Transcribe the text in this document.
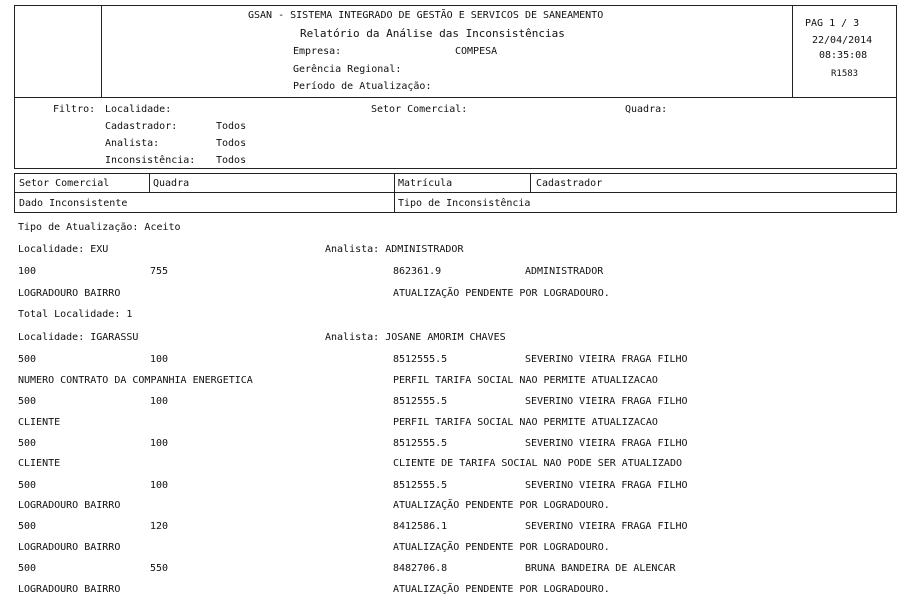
GSAN - SISTEMA INTEGRADO DE GESTÃO E SERVICOS DE SANEAMENTO
Relatório da Análise das Inconsistências
Empresa:	COMPESA
Gerência Regional:
Período de Atualização:
PAG 1 / 3
22/04/2014
08:35:08
R1583
Filtro: Localidade:	Setor Comercial:	Quadra:
Cadastrador:	Todos
Analista:	Todos
Inconsistência: Todos
Setor Comercial	Quadra	Matrícula	Cadastrador
Dado Inconsistente	Tipo de Inconsistência
Tipo de Atualização: Aceito
Localidade: EXU	Analista: ADMINISTRADOR
100	755	862361.9	ADMINISTRADOR
LOGRADOURO BAIRRO	ATUALIZAÇÃO PENDENTE POR LOGRADOURO.
Total Localidade: 1
Localidade: IGARASSU	Analista: JOSANE AMORIM CHAVES
500	100	8512555.5	SEVERINO VIEIRA FRAGA FILHO
NUMERO CONTRATO DA COMPANHIA ENERGETICA	PERFIL TARIFA SOCIAL NAO PERMITE ATUALIZACAO
500	100	8512555.5	SEVERINO VIEIRA FRAGA FILHO
CLIENTE	PERFIL TARIFA SOCIAL NAO PERMITE ATUALIZACAO
500	100	8512555.5	SEVERINO VIEIRA FRAGA FILHO
CLIENTE	CLIENTE DE TARIFA SOCIAL NAO PODE SER ATUALIZADO
500	100	8512555.5	SEVERINO VIEIRA FRAGA FILHO
LOGRADOURO BAIRRO	ATUALIZAÇÃO PENDENTE POR LOGRADOURO.
500	120	8412586.1	SEVERINO VIEIRA FRAGA FILHO
LOGRADOURO BAIRRO	ATUALIZAÇÃO PENDENTE POR LOGRADOURO.
500	550	8482706.8	BRUNA BANDEIRA DE ALENCAR
LOGRADOURO BAIRRO	ATUALIZAÇÃO PENDENTE POR LOGRADOURO.
